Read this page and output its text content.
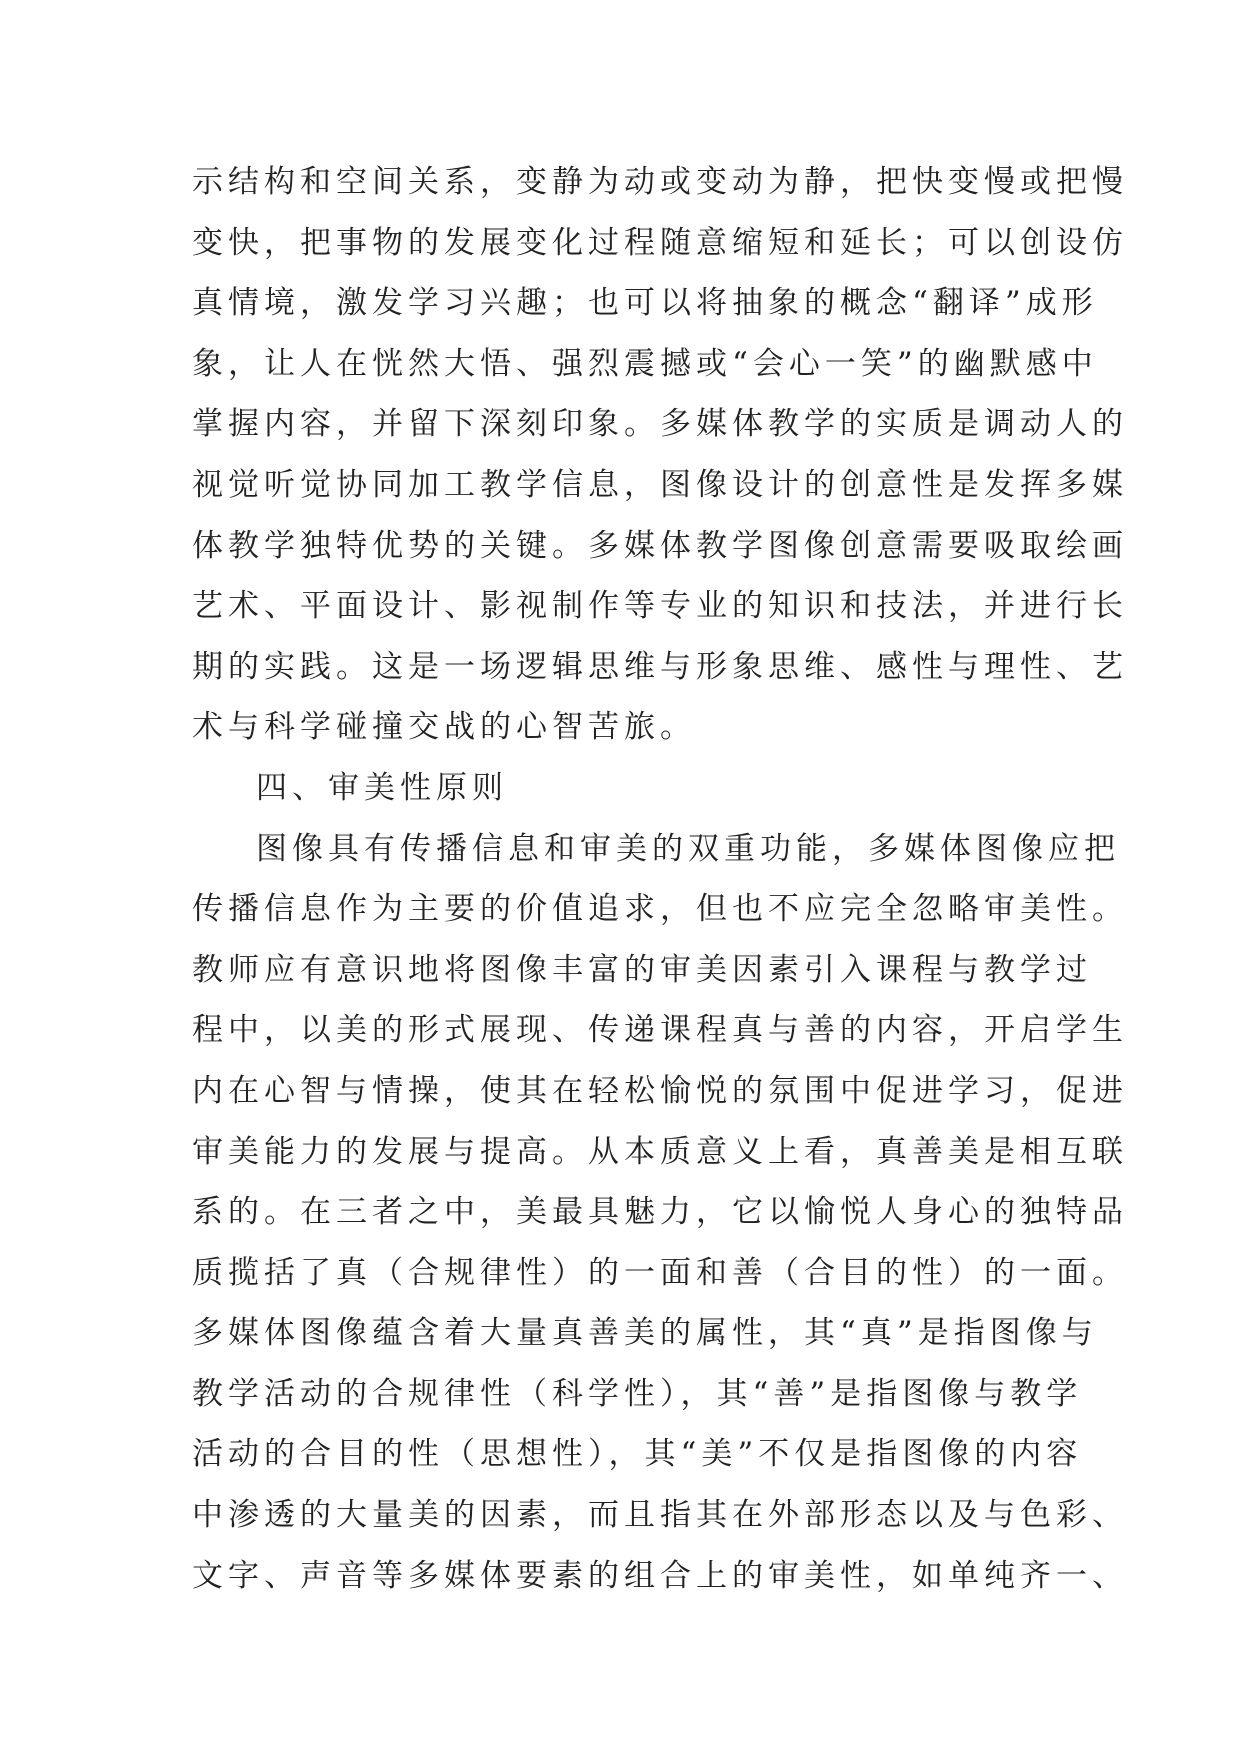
示结构和空间关系，变静为动或变动为静，把快变慢或把慢
变快，把事物的发展变化过程随意缩短和延长；可以创设仿
真情境，激发学习兴趣；也可以将抽象的概念“翻译”成形
象，让人在恍然大悟、强烈震撼或“会心一笑”的幽默感中
掌握内容，并留下深刻印象。多媒体教学的实质是调动人的
视觉听觉协同加工教学信息，图像设计的创意性是发挥多媒
体教学独特优势的关键。多媒体教学图像创意需要吸取绘画
艺术、平面设计、影视制作等专业的知识和技法，并进行长
期的实践。这是一场逻辑思维与形象思维、感性与理性、艺
术与科学碰撞交战的心智苦旅。
四、审美性原则
图像具有传播信息和审美的双重功能，多媒体图像应把
传播信息作为主要的价值追求，但也不应完全忽略审美性。
教师应有意识地将图像丰富的审美因素引入课程与教学过
程中，以美的形式展现、传递课程真与善的内容，开启学生
内在心智与情操，使其在轻松愉悦的氛围中促进学习，促进
审美能力的发展与提高。从本质意义上看，真善美是相互联
系的。在三者之中，美最具魅力，它以愉悦人身心的独特品
质揽括了真（合规律性）的一面和善（合目的性）的一面。
多媒体图像蕴含着大量真善美的属性，其“真”是指图像与
教学活动的合规律性（科学性），其“善”是指图像与教学
活动的合目的性（思想性），其“美”不仅是指图像的内容
中渗透的大量美的因素，而且指其在外部形态以及与色彩、
文字、声音等多媒体要素的组合上的审美性，如单纯齐一、
